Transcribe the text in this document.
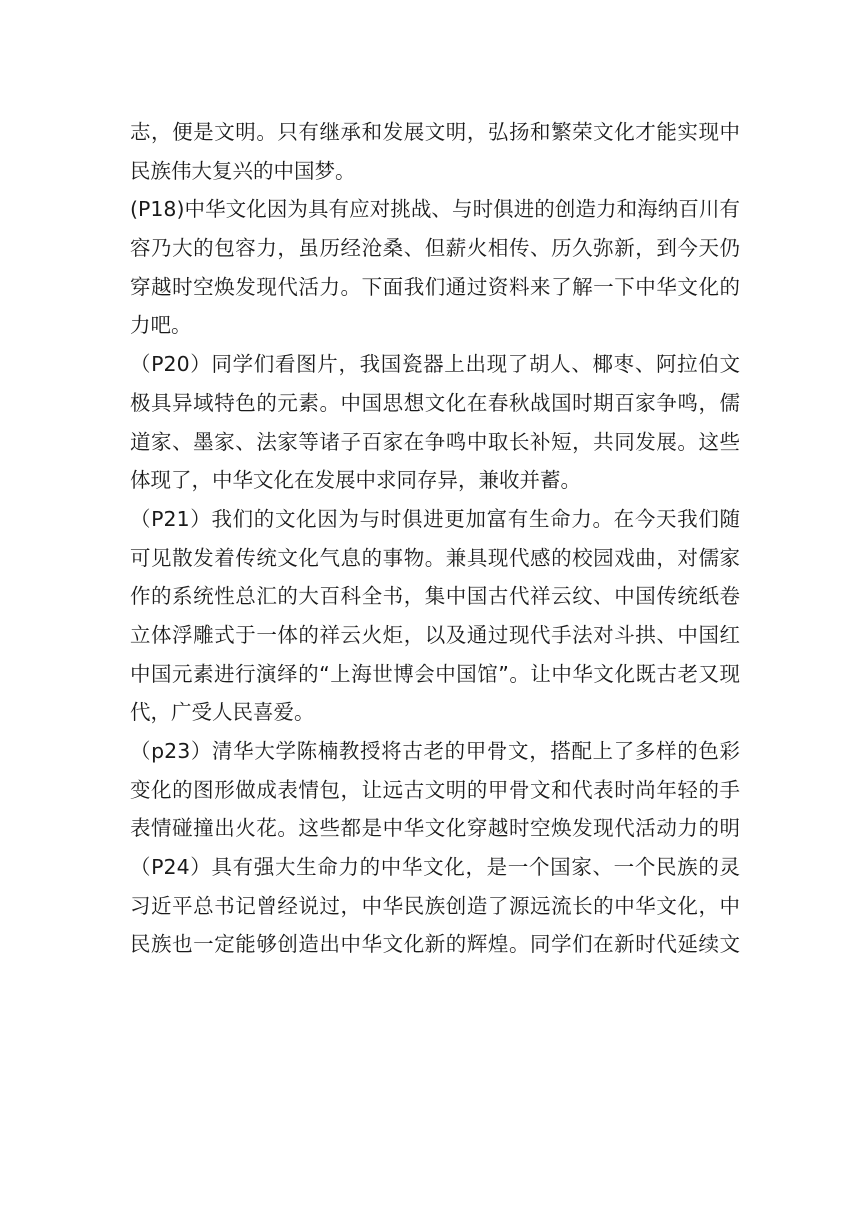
志，便是文明。只有继承和发展文明，弘扬和繁荣文化才能实现中
民族伟大复兴的中国梦。
(P18)中华文化因为具有应对挑战、与时俱进的创造力和海纳百川有
容乃大的包容力，虽历经沧桑、但薪火相传、历久弥新，到今天仍
穿越时空焕发现代活力。下面我们通过资料来了解一下中华文化的
力吧。
（P20）同学们看图片，我国瓷器上出现了胡人、椰枣、阿拉伯文
极具异域特色的元素。中国思想文化在春秋战国时期百家争鸣，儒
道家、墨家、法家等诸子百家在争鸣中取长补短，共同发展。这些
体现了，中华文化在发展中求同存异，兼收并蓄。
（P21）我们的文化因为与时俱进更加富有生命力。在今天我们随
可见散发着传统文化气息的事物。兼具现代感的校园戏曲，对儒家
作的系统性总汇的大百科全书，集中国古代祥云纹、中国传统纸卷
立体浮雕式于一体的祥云火炬，以及通过现代手法对斗拱、中国红
中国元素进行演绎的“上海世博会中国馆”。让中华文化既古老又现
代，广受人民喜爱。
（p23）清华大学陈楠教授将古老的甲骨文，搭配上了多样的色彩
变化的图形做成表情包，让远古文明的甲骨文和代表时尚年轻的手
表情碰撞出火花。这些都是中华文化穿越时空焕发现代活动力的明
（P24）具有强大生命力的中华文化，是一个国家、一个民族的灵
习近平总书记曾经说过，中华民族创造了源远流长的中华文化，中
民族也一定能够创造出中华文化新的辉煌。同学们在新时代延续文
